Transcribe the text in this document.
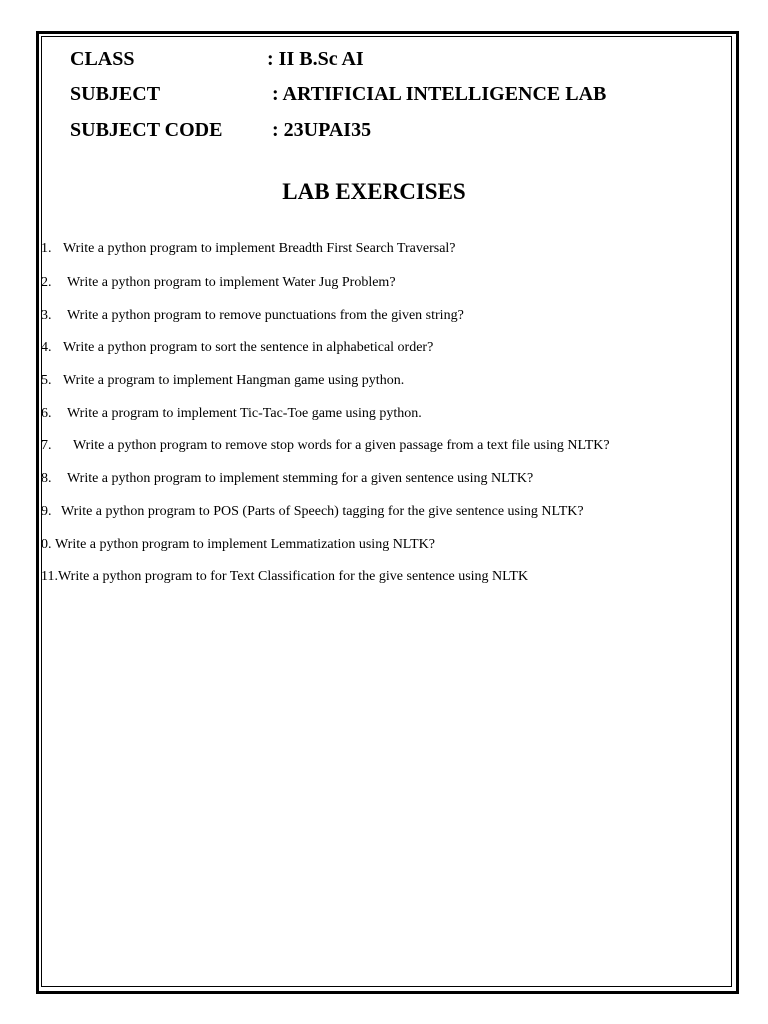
CLASS	: II B.Sc AI
SUBJECT	: ARTIFICIAL INTELLIGENCE LAB
SUBJECT CODE : 23UPAI35
LAB EXERCISES
1. Write a python program to implement Breadth First Search Traversal?
2. Write a python program to implement Water Jug Problem?
3. Write a python program to remove punctuations from the given string?
4. Write a python program to sort the sentence in alphabetical order?
5. Write a program to implement Hangman game using python.
6. Write a program to implement Tic-Tac-Toe game using python.
7. Write a python program to remove stop words for a given passage from a text file using NLTK?
8. Write a python program to implement stemming for a given sentence using NLTK?
9. Write a python program to POS (Parts of Speech) tagging for the give sentence using NLTK?
0. Write a python program to implement Lemmatization using NLTK?
11. Write a python program to for Text Classification for the give sentence using NLTK
